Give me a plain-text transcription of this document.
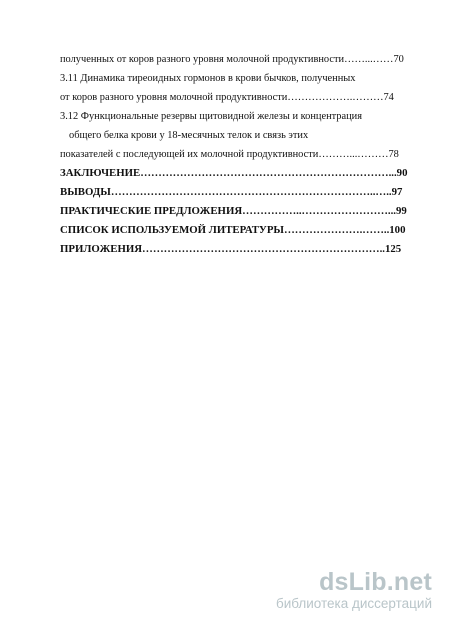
полученных от коров разного уровня молочной продуктивности……...……70
3.11 Динамика тиреоидных гормонов в крови бычков, полученных
от коров разного уровня молочной продуктивности……………….………74
3.12 Функциональные резервы щитовидной железы и концентрация
общего белка крови у 18-месячных телок и связь этих
показателей с последующей их молочной продуктивности………...………78
ЗАКЛЮЧЕНИЕ……………………………………………………………...90
ВЫВОДЫ………………………………………………………………..…..97
ПРАКТИЧЕСКИЕ ПРЕДЛОЖЕНИЯ……………..……………………...99
СПИСОК ИСПОЛЬЗУЕМОЙ ЛИТЕРАТУРЫ………………….……..100
ПРИЛОЖЕНИЯ…………………………………………………………..125
dsLib.net
библиотека диссертаций
